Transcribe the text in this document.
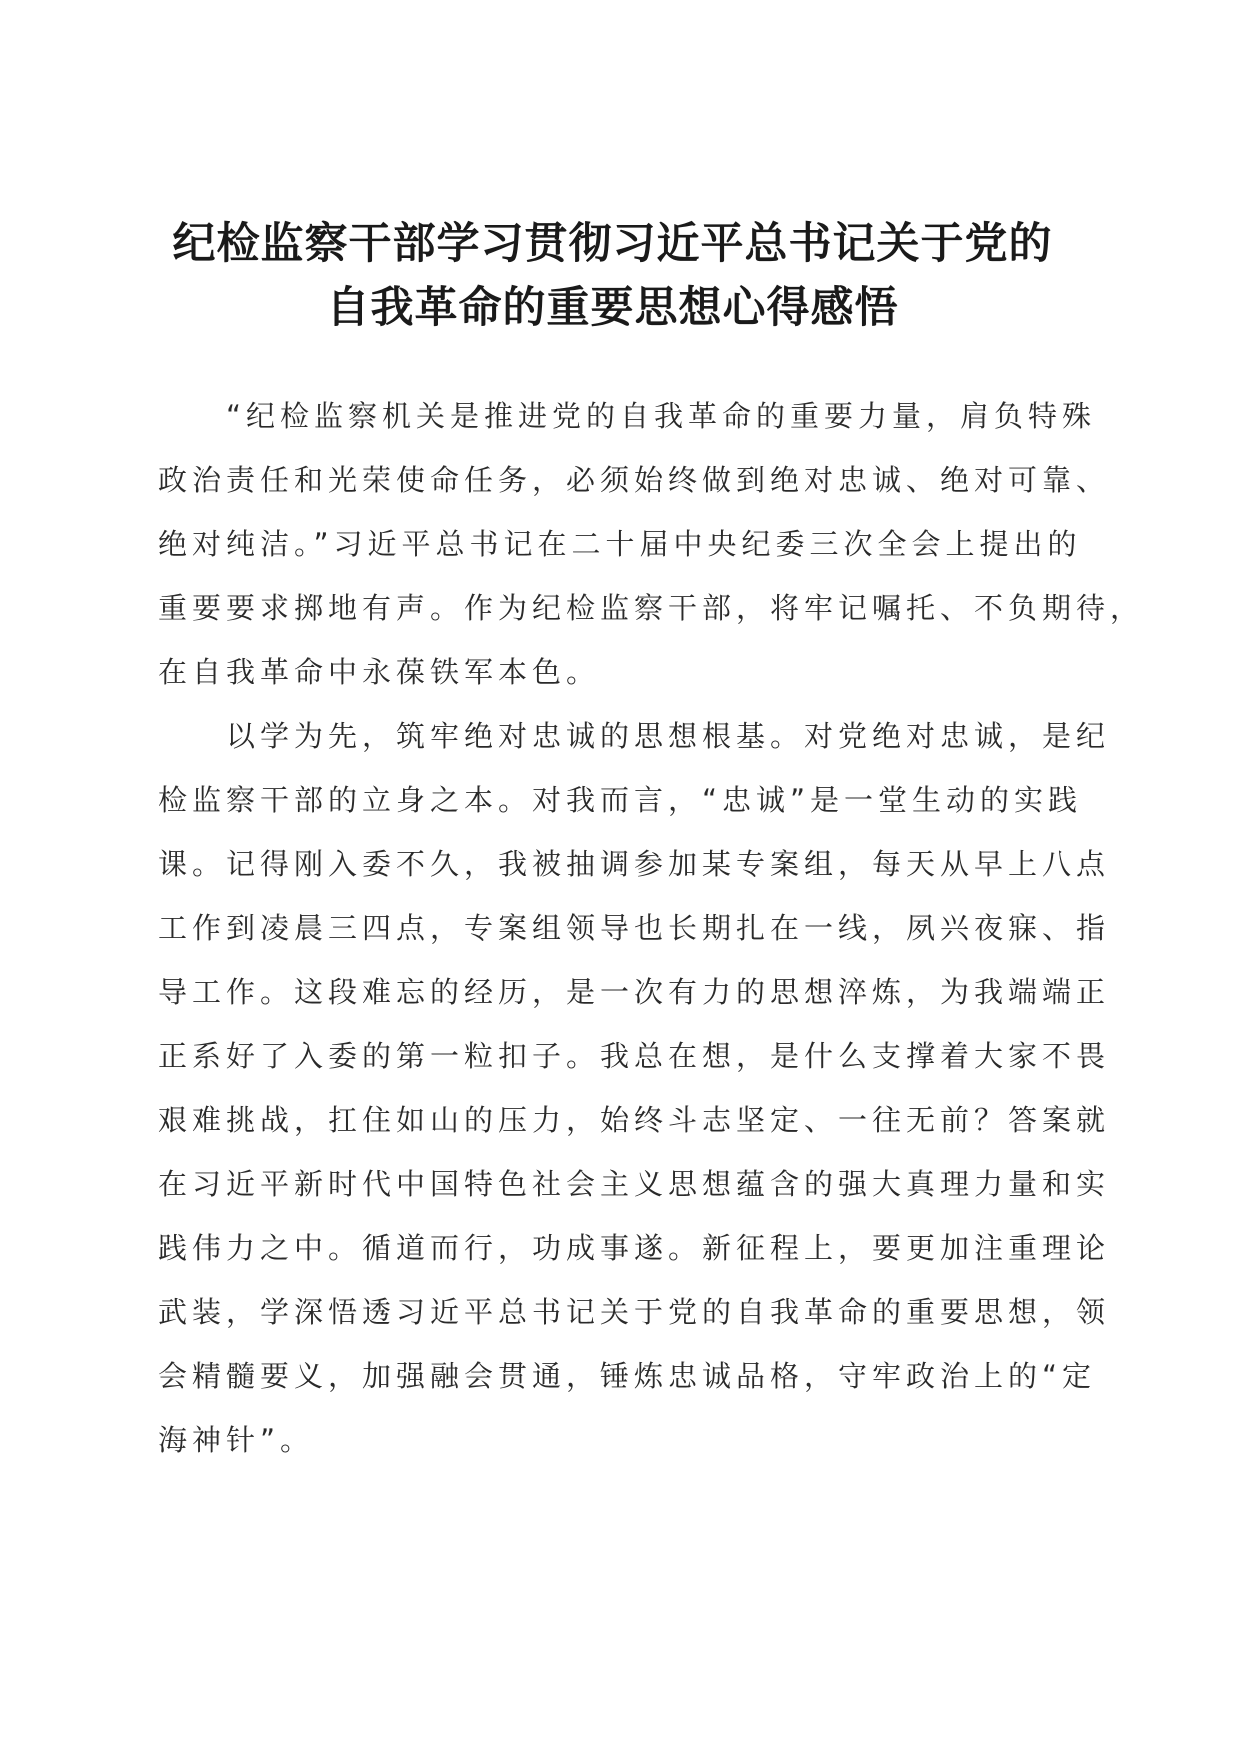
纪检监察干部学习贯彻习近平总书记关于党的
自我革命的重要思想心得感悟

“纪检监察机关是推进党的自我革命的重要力量，肩负特殊
政治责任和光荣使命任务，必须始终做到绝对忠诚、绝对可靠、
绝对纯洁。”习近平总书记在二十届中央纪委三次全会上提出的
重要要求掷地有声。作为纪检监察干部，将牢记嘱托、不负期待，
在自我革命中永葆铁军本色。

以学为先，筑牢绝对忠诚的思想根基。对党绝对忠诚，是纪
检监察干部的立身之本。对我而言，“忠诚”是一堂生动的实践
课。记得刚入委不久，我被抽调参加某专案组，每天从早上八点
工作到凌晨三四点，专案组领导也长期扎在一线，夙兴夜寐、指
导工作。这段难忘的经历，是一次有力的思想淬炼，为我端端正
正系好了入委的第一粒扣子。我总在想，是什么支撑着大家不畏
艰难挑战，扛住如山的压力，始终斗志坚定、一往无前？答案就
在习近平新时代中国特色社会主义思想蕴含的强大真理力量和实
践伟力之中。循道而行，功成事遂。新征程上，要更加注重理论
武装，学深悟透习近平总书记关于党的自我革命的重要思想，领
会精髓要义，加强融会贯通，锤炼忠诚品格，守牢政治上的“定
海神针”。
